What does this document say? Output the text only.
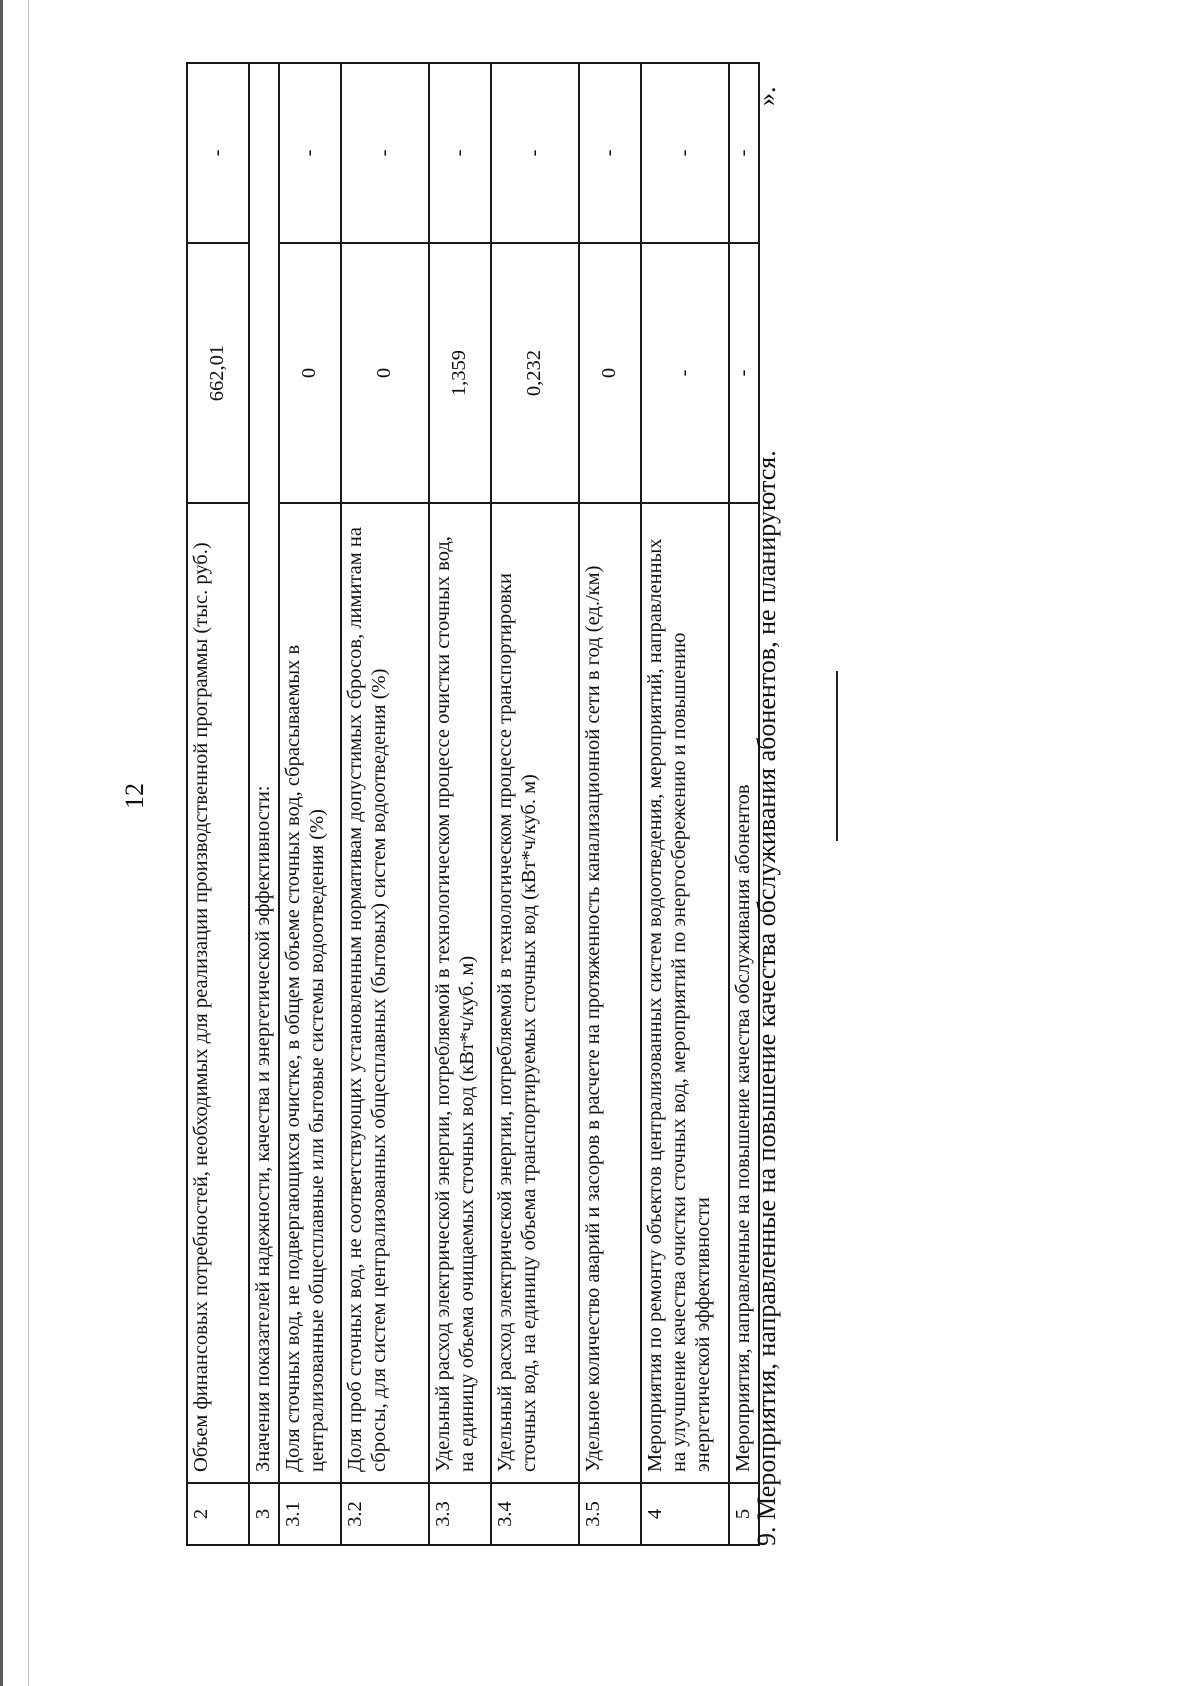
12
2	Объем финансовых потребностей, необходимых для реализации производственной программы (тыс. руб.)	662,01	-
3	Значения показателей надежности, качества и энергетической эффективности:		
3.1	Доля сточных вод, не подвергающихся очистке, в общем объеме сточных вод, сбрасываемых в централизованные общесплавные или бытовые системы водоотведения (%)	0	-
3.2	Доля проб сточных вод, не соответствующих установленным нормативам допустимых сбросов, лимитам на сбросы, для систем централизованных общесплавных (бытовых) систем водоотведения (%)	0	-
3.3	Удельный расход электрической энергии, потребляемой в технологическом процессе очистки сточных вод, на единицу объема очищаемых сточных вод (кВт*ч/куб. м)	1,359	-
3.4	Удельный расход электрической энергии, потребляемой в технологическом процессе транспортировки сточных вод, на единицу объема транспортируемых сточных вод (кВт*ч/куб. м)	0,232	-
3.5	Удельное количество аварий и засоров в расчете на протяженность канализационной сети в год (ед./км)	0	-
4	Мероприятия по ремонту объектов централизованных систем водоотведения, мероприятий, направленных на улучшение качества очистки сточных вод, мероприятий по энергосбережению и повышению энергетической эффективности	-	-
5	Мероприятия, направленные на повышение качества обслуживания абонентов	-	-
9. Мероприятия, направленные на повышение качества обслуживания абонентов, не планируются.
».
